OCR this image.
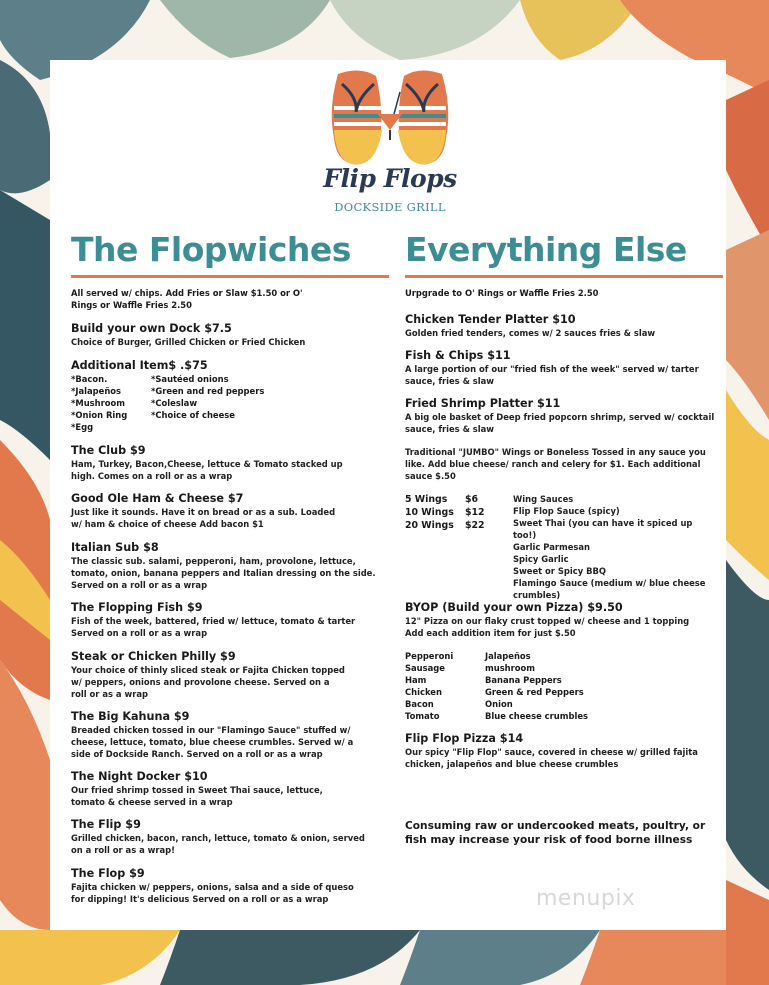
Flip Flops
DOCKSIDE GRILL
The Flopwiches
All served w/ chips. Add Fries or Slaw $1.50 or O' Rings or Waffle Fries 2.50
Build your own Dock $7.5
Choice of Burger, Grilled Chicken or Fried Chicken
Additional Item$ .$75
*Bacon.	*Sautéed onions
*Jalapeños	*Green and red peppers
*Mushroom	*Coleslaw
*Onion Ring	*Choice of cheese
*Egg
The Club $9
Ham, Turkey, Bacon,Cheese, lettuce & Tomato stacked up high. Comes on a roll or as a wrap
Good Ole Ham & Cheese $7
Just like it sounds. Have it on bread or as a sub. Loaded w/ ham & choice of cheese Add bacon $1
Italian Sub $8
The classic sub. salami, pepperoni, ham, provolone, lettuce, tomato, onion, banana peppers and Italian dressing on the side. Served on a roll or as a wrap
The Flopping Fish $9
Fish of the week, battered, fried w/ lettuce, tomato & tarter Served on a roll or as a wrap
Steak or Chicken Philly $9
Your choice of thinly sliced steak or Fajita Chicken topped w/ peppers, onions and provolone cheese. Served on a roll or as a wrap
The Big Kahuna $9
Breaded chicken tossed in our "Flamingo Sauce" stuffed w/ cheese, lettuce, tomato, blue cheese crumbles. Served w/ a side of Dockside Ranch. Served on a roll or as a wrap
The Night Docker $10
Our fried shrimp tossed in Sweet Thai sauce, lettuce, tomato & cheese served in a wrap
The Flip $9
Grilled chicken, bacon, ranch, lettuce, tomato & onion, served on a roll or as a wrap!
The Flop $9
Fajita chicken w/ peppers, onions, salsa and a side of queso for dipping! It's delicious Served on a roll or as a wrap
Everything Else
Urpgrade to O' Rings or Waffle Fries 2.50
Chicken Tender Platter $10
Golden fried tenders, comes w/ 2 sauces fries & slaw
Fish & Chips $11
A large portion of our "fried fish of the week" served w/ tarter sauce, fries & slaw
Fried Shrimp Platter $11
A big ole basket of Deep fried popcorn shrimp, served w/ cocktail sauce, fries & slaw
Traditional "JUMBO" Wings or Boneless Tossed in any sauce you like. Add blue cheese/ ranch and celery for $1. Each additional sauce $.50
5 Wings $6
10 Wings $12
20 Wings $22
Wing Sauces
Flip Flop Sauce (spicy)
Sweet Thai (you can have it spiced up too!)
Garlic Parmesan
Spicy Garlic
Sweet or Spicy BBQ
Flamingo Sauce (medium w/ blue cheese crumbles)
BYOP (Build your own Pizza) $9.50
12" Pizza on our flaky crust topped w/ cheese and 1 topping Add each addition item for just $.50
Pepperoni	Jalapeños
Sausage	mushroom
Ham	Banana Peppers
Chicken	Green & red Peppers
Bacon	Onion
Tomato	Blue cheese crumbles
Flip Flop Pizza $14
Our spicy "Flip Flop" sauce, covered in cheese w/ grilled fajita chicken, jalapeños and blue cheese crumbles
Consuming raw or undercooked meats, poultry, or fish may increase your risk of food borne illness
menupix
